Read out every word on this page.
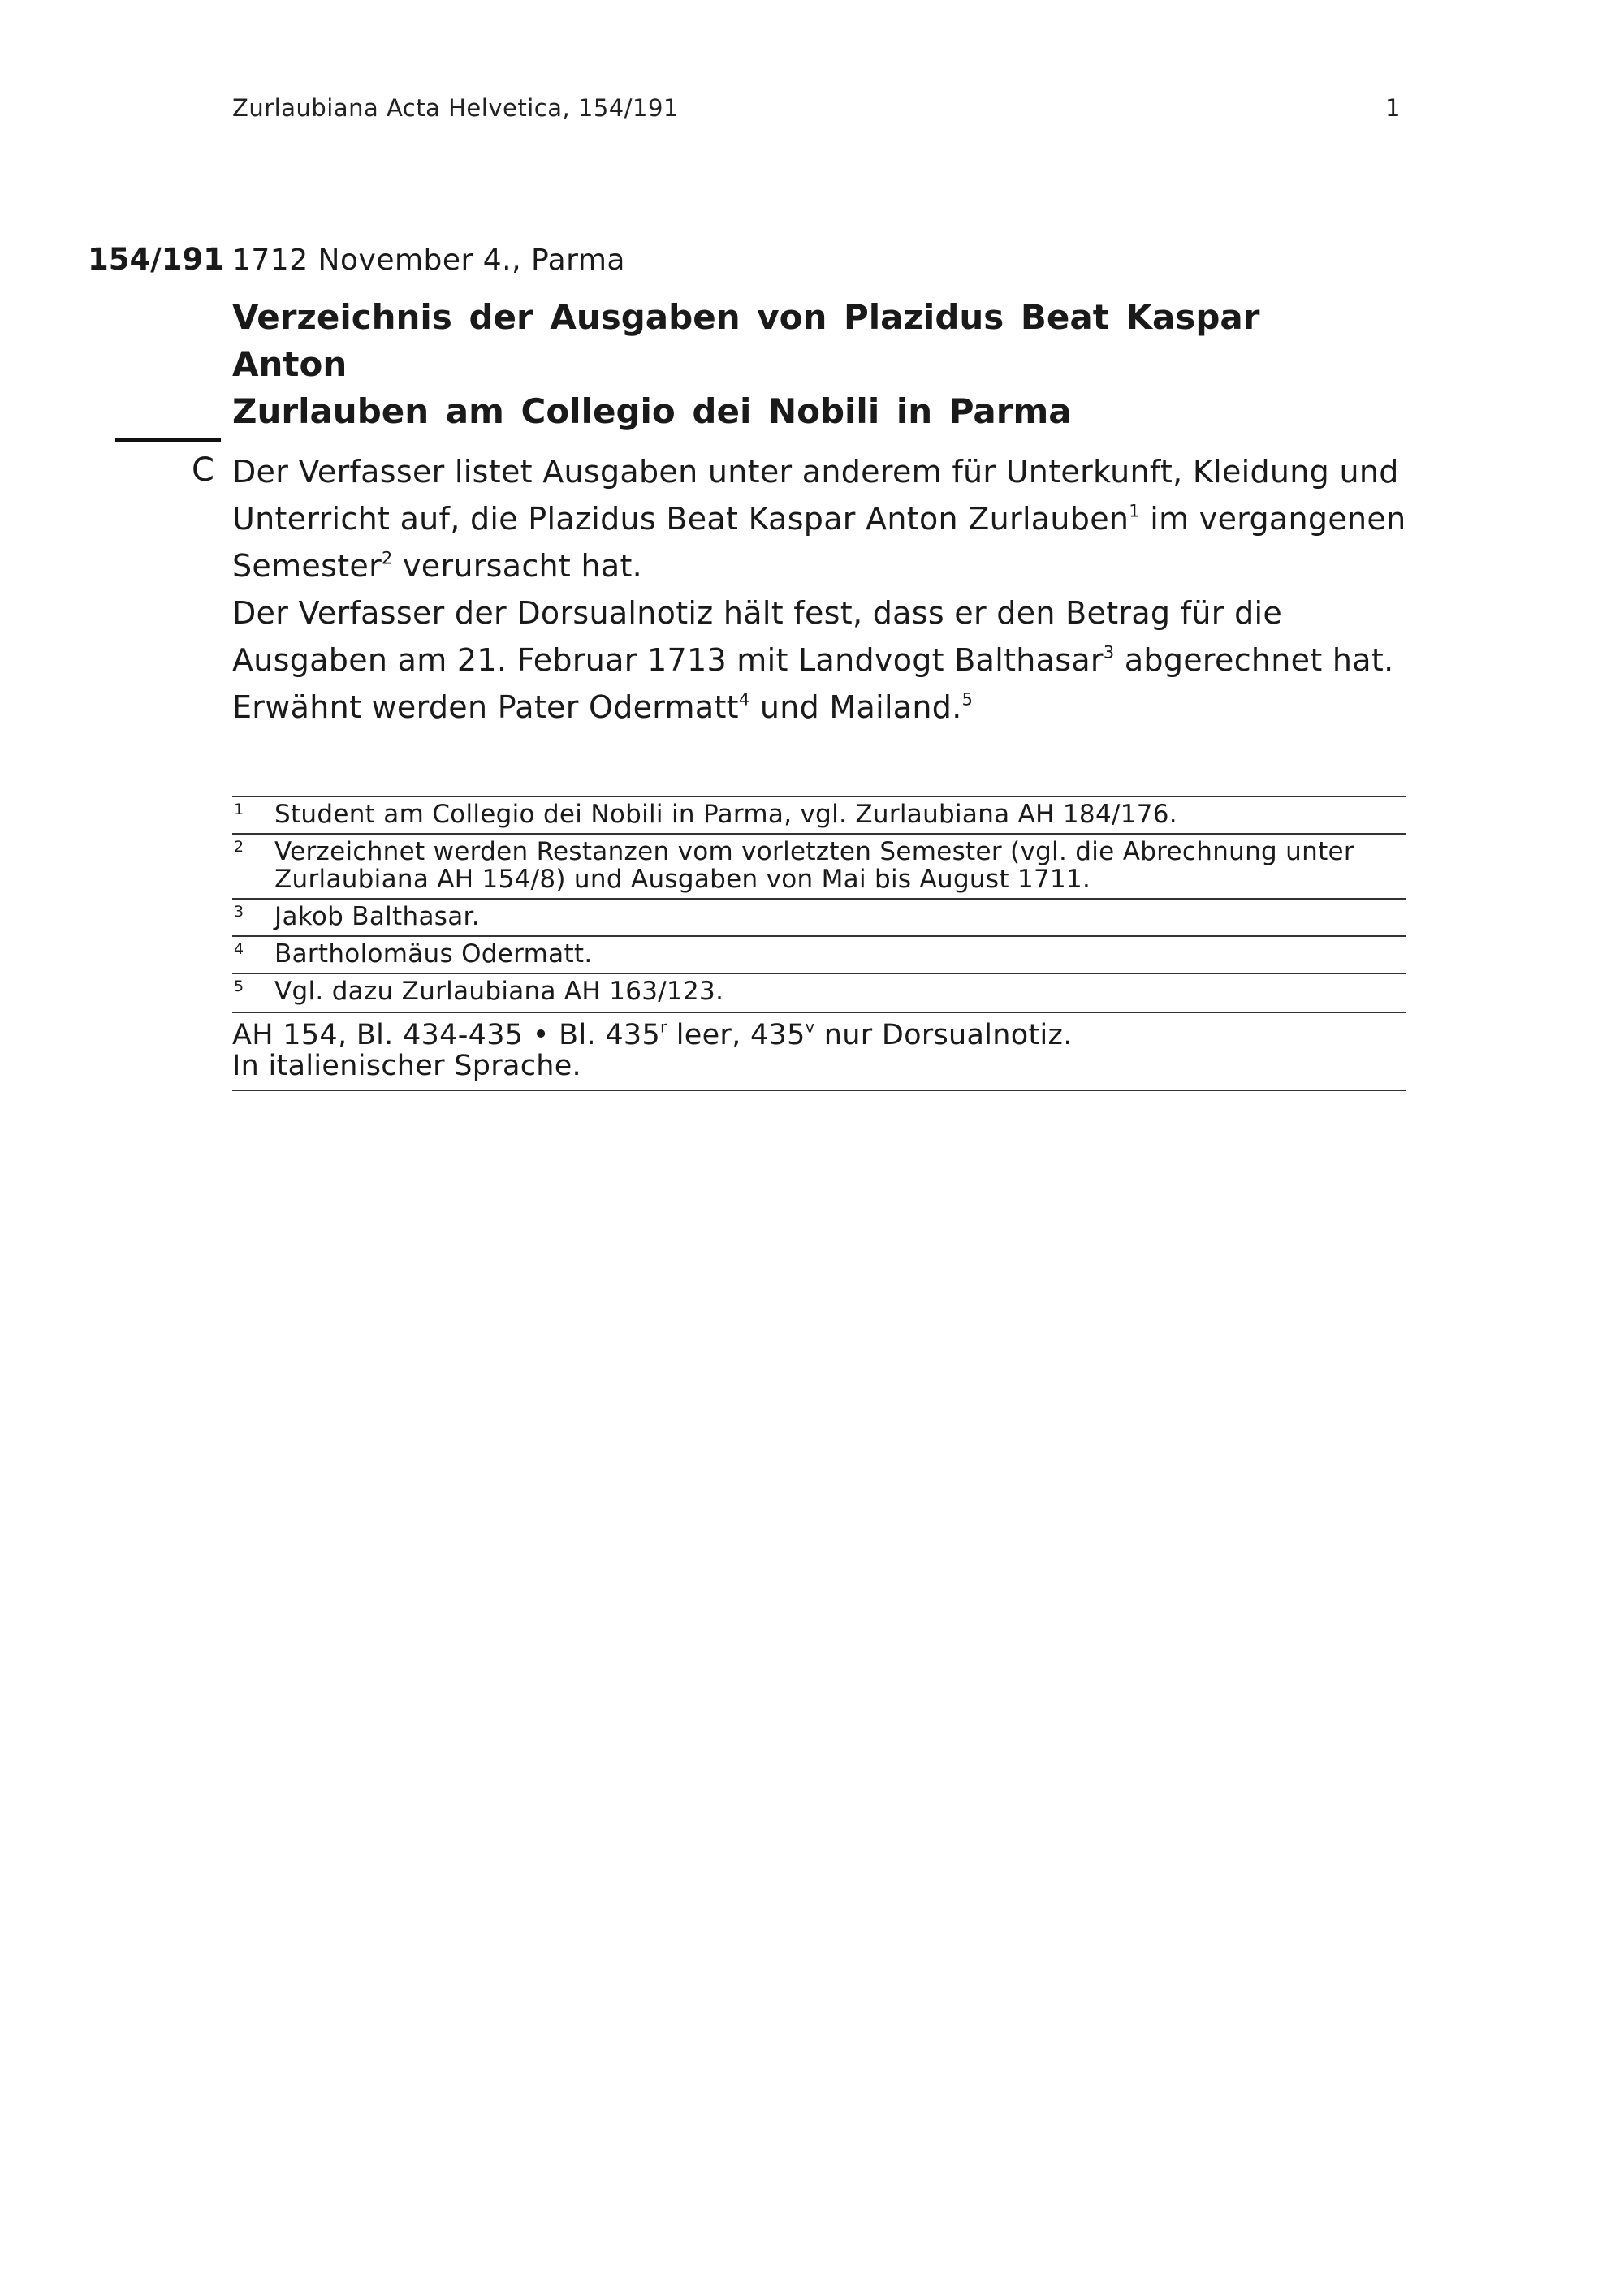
Zurlaubiana Acta Helvetica, 154/191	1
154/191 1712 November 4., Parma
Verzeichnis der Ausgaben von Plazidus Beat Kaspar Anton
Zurlauben am Collegio dei Nobili in Parma
C Der Verfasser listet Ausgaben unter anderem für Unterkunft, Kleidung und Unterricht auf, die Plazidus Beat Kaspar Anton Zurlauben$^1$ im vergangenen Semester$^2$ verursacht hat.

Der Verfasser der Dorsualnotiz hält fest, dass er den Betrag für die Ausgaben am 21. Februar 1713 mit Landvogt Balthasar$^3$ abgerechnet hat. Erwähnt werden Pater Odermatt$^4$ und Mailand.$^5$

1	Student am Collegio dei Nobili in Parma, vgl. Zurlaubiana AH 184/176.
2	Verzeichnet werden Restanzen vom vorletzten Semester (vgl. die Abrechnung unter Zurlaubiana AH 154/8) und Ausgaben von Mai bis August 1711.
3	Jakob Balthasar.
4	Bartholomäus Odermatt.
5	Vgl. dazu Zurlaubiana AH 163/123.
AH 154, Bl. 434-435 • Bl. 435$^r$ leer, 435$^v$ nur Dorsualnotiz.
In italienischer Sprache.
